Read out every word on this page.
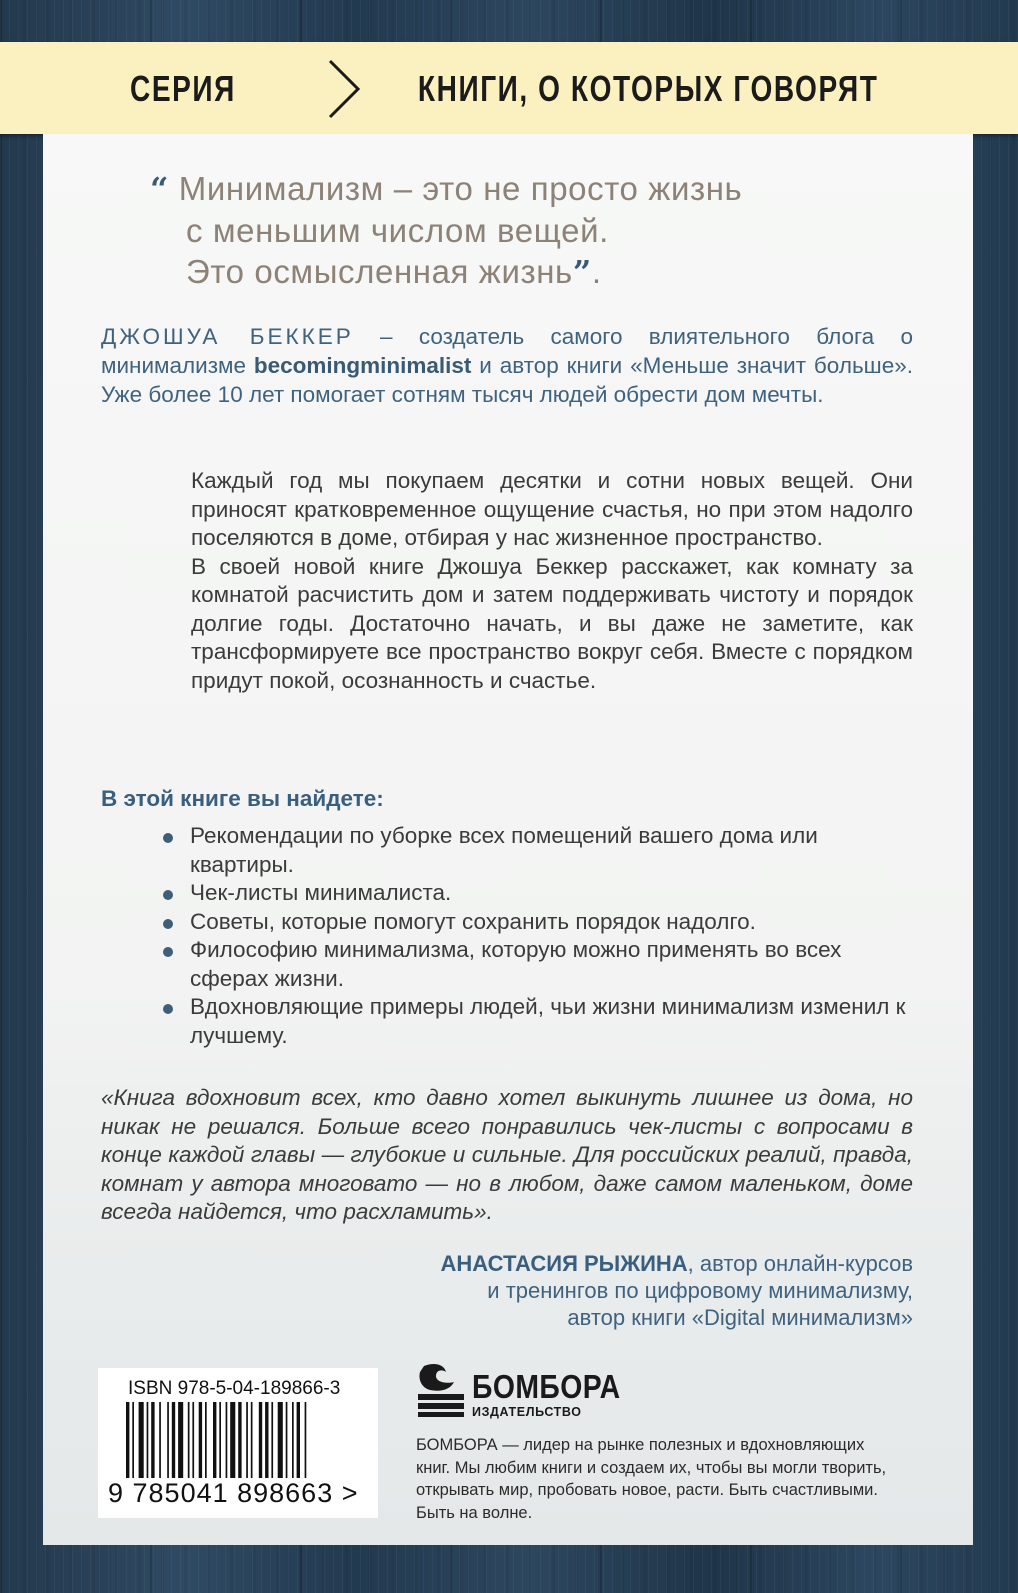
СЕРИЯ	КНИГИ, О КОТОРЫХ ГОВОРЯТ
“ Минимализм – это не просто жизнь
с меньшим числом вещей.
Это осмысленная жизнь”.
ДЖОШУА БЕККЕР – создатель самого влиятельного блога о минимализме becomingminimalist и автор книги «Меньше значит больше». Уже более 10 лет помогает сотням тысяч людей обрести дом мечты.

Каждый год мы покупаем десятки и сотни новых вещей. Они приносят кратковременное ощущение счастья, но при этом надолго поселяются в доме, отбирая у нас жизненное пространство.

В своей новой книге Джошуа Беккер расскажет, как комнату за комнатой расчистить дом и затем поддерживать чистоту и порядок долгие годы. Достаточно начать, и вы даже не заметите, как трансформируете все пространство вокруг себя. Вместе с порядком придут покой, осознанность и счастье.

В этой книге вы найдете:
Рекомендации по уборке всех помещений вашего дома или квартиры.
Чек-листы минималиста.
Советы, которые помогут сохранить порядок надолго.
Философию минимализма, которую можно применять во всех сферах жизни.
Вдохновляющие примеры людей, чьи жизни минимализм изменил к лучшему.
«Книга вдохновит всех, кто давно хотел выкинуть лишнее из дома, но никак не решался. Больше всего понравились чек-листы с вопросами в конце каждой главы — глубокие и сильные. Для российских реалий, правда, комнат у автора многовато — но в любом, даже самом маленьком, доме всегда найдется, что расхламить».
АНАСТАСИЯ РЫЖИНА, автор онлайн-курсов
и тренингов по цифровому минимализму,
автор книги «Digital минимализм»
ISBN 978-5-04-189866-3
9 785041 898663 >
БОМБОРА
ИЗДАТЕЛЬСТВО
БОМБОРА — лидер на рынке полезных и вдохновляющих книг. Мы любим книги и создаем их, чтобы вы могли творить, открывать мир, пробовать новое, расти. Быть счастливыми. Быть на волне.
